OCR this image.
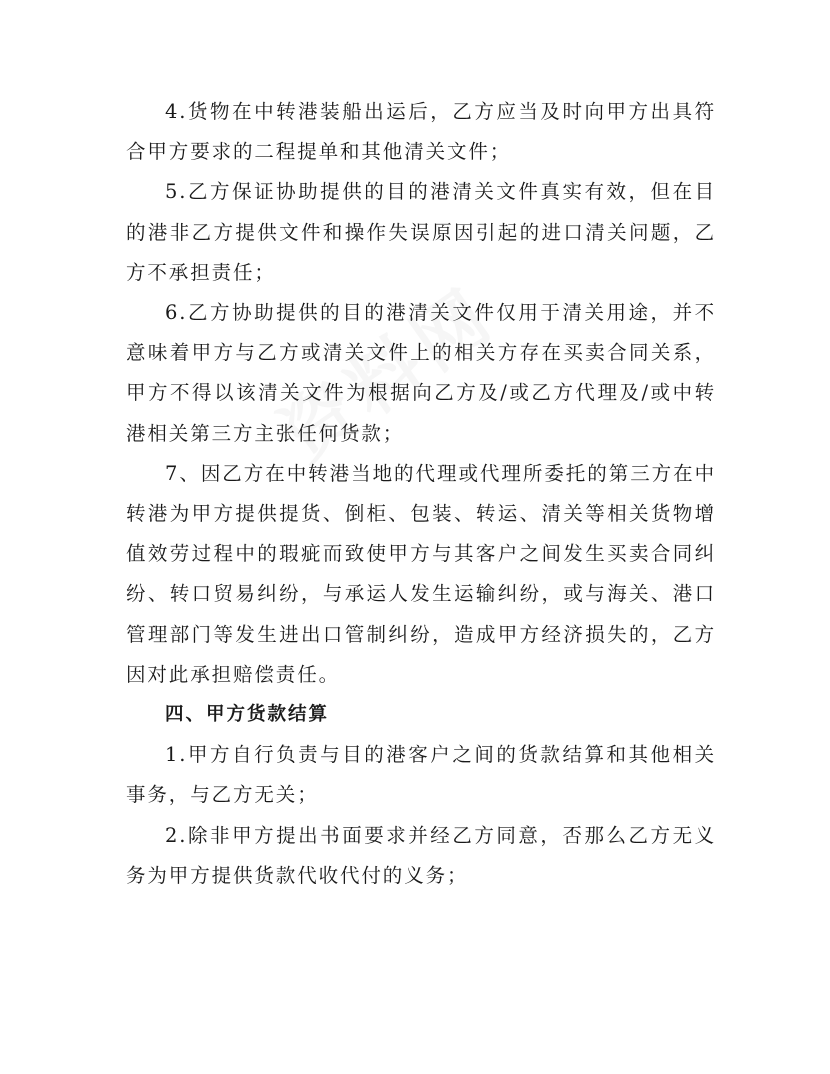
4.货物在中转港装船出运后，乙方应当及时向甲方出具符合甲方要求的二程提单和其他清关文件；

5.乙方保证协助提供的目的港清关文件真实有效，但在目的港非乙方提供文件和操作失误原因引起的进口清关问题，乙方不承担责任；

6.乙方协助提供的目的港清关文件仅用于清关用途，并不意味着甲方与乙方或清关文件上的相关方存在买卖合同关系，甲方不得以该清关文件为根据向乙方及/或乙方代理及/或中转港相关第三方主张任何货款；

7、因乙方在中转港当地的代理或代理所委托的第三方在中转港为甲方提供提货、倒柜、包装、转运、清关等相关货物增值效劳过程中的瑕疵而致使甲方与其客户之间发生买卖合同纠纷、转口贸易纠纷，与承运人发生运输纠纷，或与海关、港口管理部门等发生进出口管制纠纷，造成甲方经济损失的，乙方因对此承担赔偿责任。

四、甲方货款结算

1.甲方自行负责与目的港客户之间的货款结算和其他相关事务，与乙方无关；

2.除非甲方提出书面要求并经乙方同意，否那么乙方无义务为甲方提供货款代收代付的义务；
